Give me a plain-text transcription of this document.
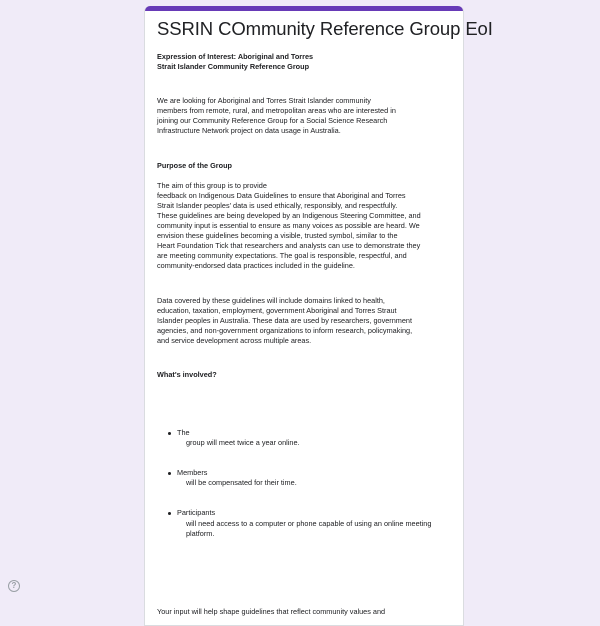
SSRIN COmmunity Reference Group EoI

Expression of Interest: Aboriginal and Torres
Strait Islander Community Reference Group

We are looking for Aboriginal and Torres Strait Islander community
members from remote, rural, and metropolitan areas who are interested in
joining our Community Reference Group for a Social Science Research
Infrastructure Network project on data usage in Australia.

Purpose of the Group

The aim of this group is to provide
feedback on Indigenous Data Guidelines to ensure that Aboriginal and Torres
Strait Islander peoples' data is used ethically, responsibly, and respectfully.
These guidelines are being developed by an Indigenous Steering Committee, and
community input is essential to ensure as many voices as possible are heard. We
envision these guidelines becoming a visible, trusted symbol, similar to the
Heart Foundation Tick that researchers and analysts can use to demonstrate they
are meeting community expectations. The goal is responsible, respectful, and
community-endorsed data practices included in the guideline.

Data covered by these guidelines will include domains linked to health,
education, taxation, employment, government Aboriginal and Torres Straut
Islander peoples in Australia. These data are used by researchers, government
agencies, and non-government organizations to inform research, policymaking,
and service development across multiple areas.

What's involved?

The
group will meet twice a year online.
Members
will be compensated for their time.
Participants
will need access to a computer or phone capable of using an online meeting
platform.

Your input will help shape guidelines that reflect community values and

?
